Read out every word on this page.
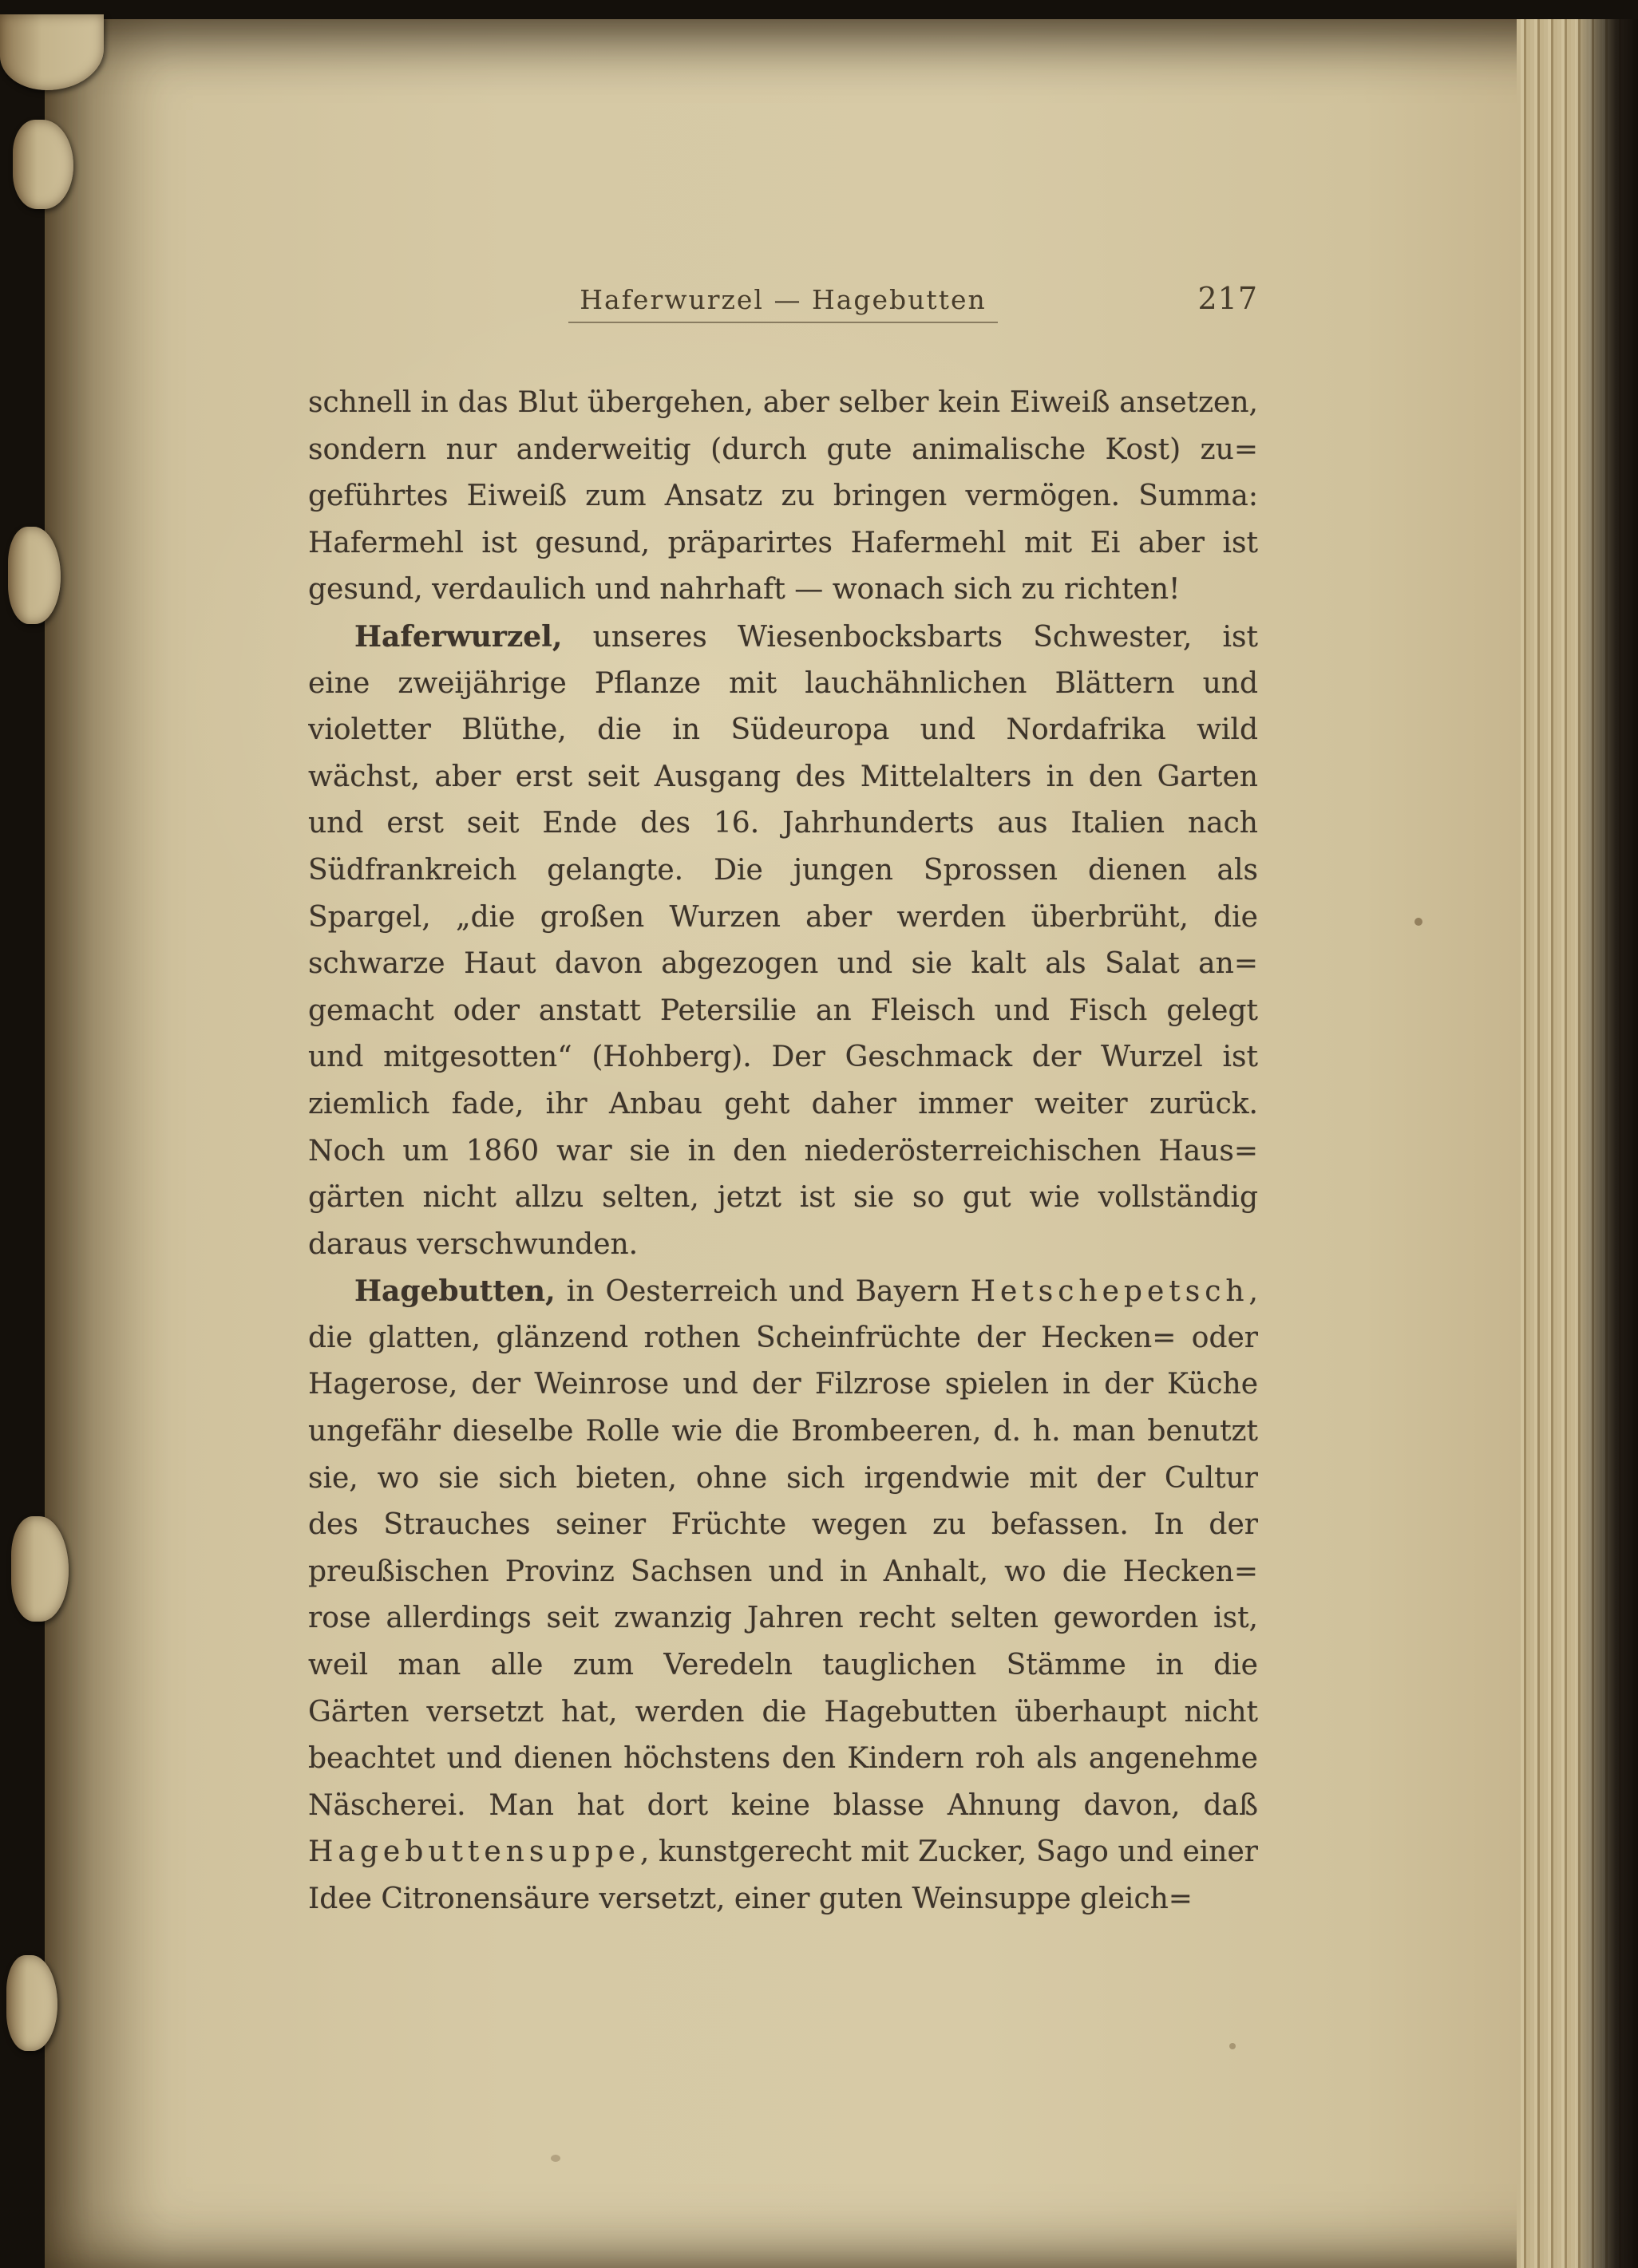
Haferwurzel — Hagebutten	217
schnell in das Blut übergehen, aber selber kein Eiweiß ansetzen,
sondern nur anderweitig (durch gute animalische Kost) zu=
geführtes Eiweiß zum Ansatz zu bringen vermögen. Summa:
Hafermehl ist gesund, präparirtes Hafermehl mit Ei aber ist
gesund, verdaulich und nahrhaft — wonach sich zu richten!
Haferwurzel, unseres Wiesenbocksbarts Schwester, ist
eine zweijährige Pflanze mit lauchähnlichen Blättern und
violetter Blüthe, die in Südeuropa und Nordafrika wild
wächst, aber erst seit Ausgang des Mittelalters in den Garten
und erst seit Ende des 16. Jahrhunderts aus Italien nach
Südfrankreich gelangte. Die jungen Sprossen dienen als
Spargel, „die großen Wurzen aber werden überbrüht, die
schwarze Haut davon abgezogen und sie kalt als Salat an=
gemacht oder anstatt Petersilie an Fleisch und Fisch gelegt
und mitgesotten“ (Hohberg). Der Geschmack der Wurzel ist
ziemlich fade, ihr Anbau geht daher immer weiter zurück.
Noch um 1860 war sie in den niederösterreichischen Haus=
gärten nicht allzu selten, jetzt ist sie so gut wie vollständig
daraus verschwunden.
Hagebutten, in Oesterreich und Bayern Hetschepetsch,
die glatten, glänzend rothen Scheinfrüchte der Hecken= oder
Hagerose, der Weinrose und der Filzrose spielen in der Küche
ungefähr dieselbe Rolle wie die Brombeeren, d. h. man benutzt
sie, wo sie sich bieten, ohne sich irgendwie mit der Cultur
des Strauches seiner Früchte wegen zu befassen. In der
preußischen Provinz Sachsen und in Anhalt, wo die Hecken=
rose allerdings seit zwanzig Jahren recht selten geworden ist,
weil man alle zum Veredeln tauglichen Stämme in die
Gärten versetzt hat, werden die Hagebutten überhaupt nicht
beachtet und dienen höchstens den Kindern roh als angenehme
Näscherei. Man hat dort keine blasse Ahnung davon, daß
Hagebuttensuppe, kunstgerecht mit Zucker, Sago und einer
Idee Citronensäure versetzt, einer guten Weinsuppe gleich=
